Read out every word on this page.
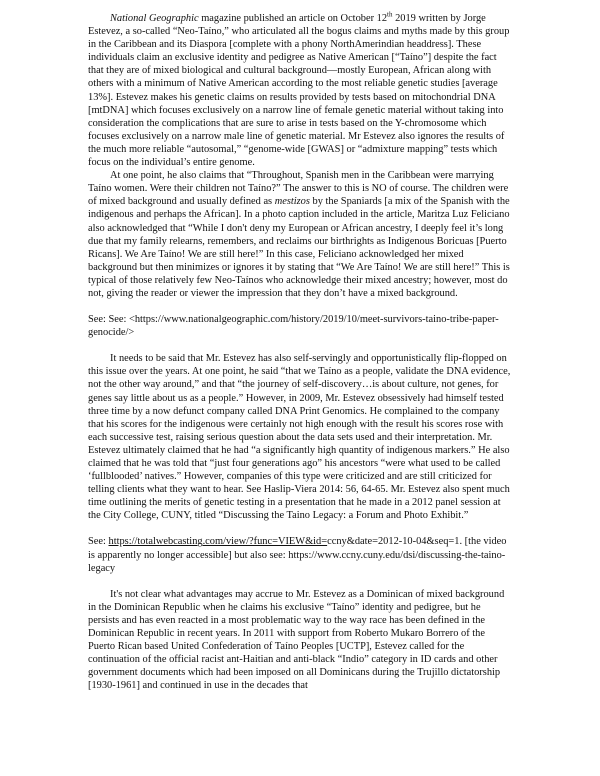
National Geographic magazine published an article on October 12th 2019 written by Jorge Estevez, a so-called “Neo-Taíno,” who articulated all the bogus claims and myths made by this group in the Caribbean and its Diaspora [complete with a phony NorthAmerindian headdress]. These individuals claim an exclusive identity and pedigree as Native American [“Taíno”] despite the fact that they are of mixed biological and cultural background—mostly European, African along with others with a minimum of Native American according to the most reliable genetic studies [average 13%]. Estevez makes his genetic claims on results provided by tests based on mitochondrial DNA [mtDNA] which focuses exclusively on a narrow line of female genetic material without taking into consideration the complications that are sure to arise in tests based on the Y-chromosome which focuses exclusively on a narrow male line of genetic material. Mr Estevez also ignores the results of the much more reliable “autosomal,” “genome-wide [GWAS] or “admixture mapping” tests which focus on the individual’s entire genome.

At one point, he also claims that “Throughout, Spanish men in the Caribbean were marrying Taíno women. Were their children not Taíno?” The answer to this is NO of course. The children were of mixed background and usually defined as mestizos by the Spaniards [a mix of the Spanish with the indigenous and perhaps the African]. In a photo caption included in the article, Maritza Luz Feliciano also acknowledged that “While I don't deny my European or African ancestry, I deeply feel it’s long due that my family relearns, remembers, and reclaims our birthrights as Indigenous Boricuas [Puerto Ricans]. We Are Taíno! We are still here!” In this case, Feliciano acknowledged her mixed background but then minimizes or ignores it by stating that “We Are Taíno! We are still here!” This is typical of those relatively few Neo-Taínos who acknowledge their mixed ancestry; however, most do not, giving the reader or viewer the impression that they don’t have a mixed background.

See: See: <https://www.nationalgeographic.com/history/2019/10/meet-survivors-taino-tribe-paper-genocide/>

It needs to be said that Mr. Estevez has also self-servingly and opportunistically flip-flopped on this issue over the years. At one point, he said “that we Taíno as a people, validate the DNA evidence, not the other way around,” and that “the journey of self-discovery…is about culture, not genes, for genes say little about us as a people.” However, in 2009, Mr. Estevez obsessively had himself tested three time by a now defunct company called DNA Print Genomics. He complained to the company that his scores for the indigenous were certainly not high enough with the result his scores rose with each successive test, raising serious question about the data sets used and their interpretation. Mr. Estevez ultimately claimed that he had “a significantly high quantity of indigenous markers.” He also claimed that he was told that “just four generations ago” his ancestors “were what used to be called ‘fullblooded’ natives.” However, companies of this type were criticized and are still criticized for telling clients what they want to hear. See Haslip-Viera 2014: 56, 64-65. Mr. Estevez also spent much time outlining the merits of genetic testing in a presentation that he made in a 2012 panel session at the City College, CUNY, titled “Discussing the Taino Legacy: a Forum and Photo Exhibit.”

See: https://totalwebcasting.com/view/?func=VIEW&id=ccny&date=2012-10-04&seq=1. [the video is apparently no longer accessible] but also see: https://www.ccny.cuny.edu/dsi/discussing-the-taino-legacy

It's not clear what advantages may accrue to Mr. Estevez as a Dominican of mixed background in the Dominican Republic when he claims his exclusive “Taíno” identity and pedigree, but he persists and has even reacted in a most problematic way to the way race has been defined in the Dominican Republic in recent years. In 2011 with support from Roberto Mukaro Borrero of the Puerto Rican based United Confederation of Taíno Peoples [UCTP], Estevez called for the continuation of the official racist ant-Haitian and anti-black “Indio” category in ID cards and other government documents which had been imposed on all Dominicans during the Trujillo dictatorship [1930-1961] and continued in use in the decades that
